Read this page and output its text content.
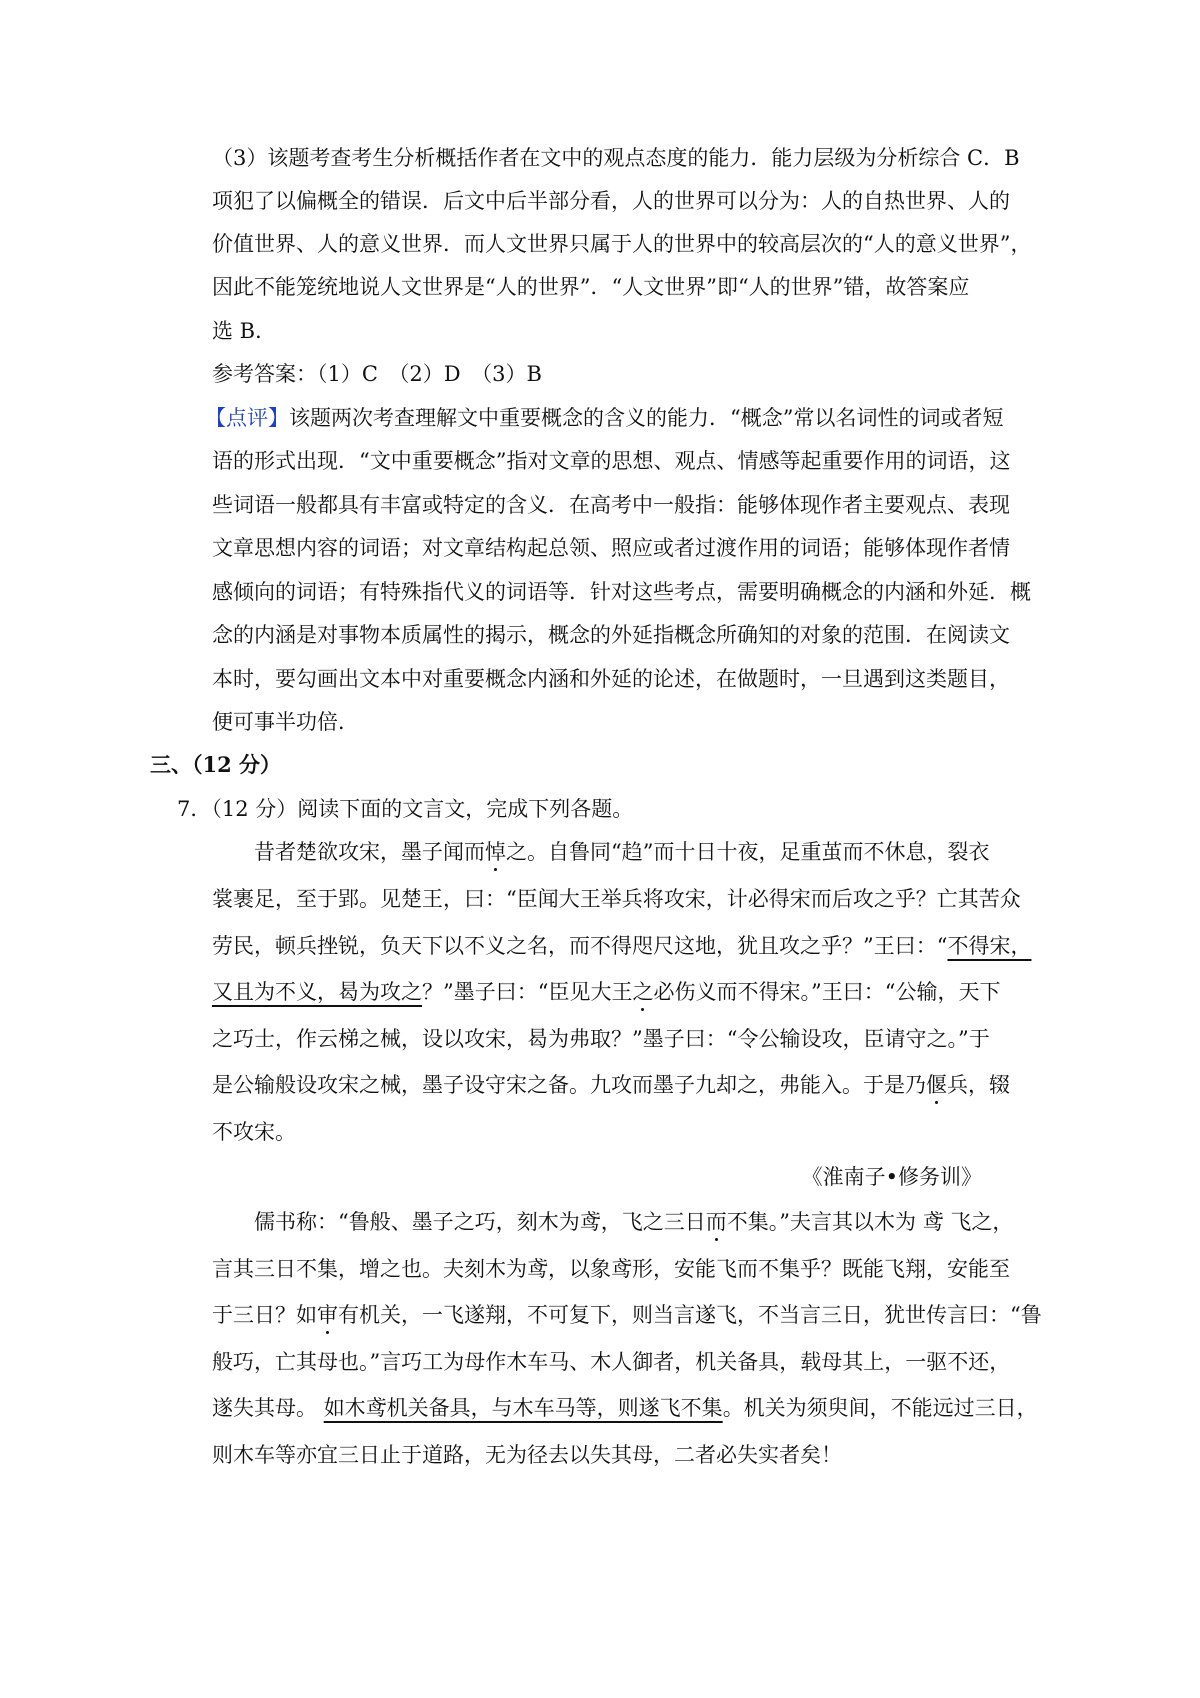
（3）该题考查考生分析概括作者在文中的观点态度的能力．能力层级为分析综合 C．B
项犯了以偏概全的错误．后文中后半部分看，人的世界可以分为：人的自热世界、人的
价值世界、人的意义世界．而人文世界只属于人的世界中的较高层次的“人的意义世界”，
因此不能笼统地说人文世界是“人的世界”．“人文世界”即“人的世界”错，故答案应
选 B．
参考答案：（1）C　（2）D　（3）B
【点评】该题两次考查理解文中重要概念的含义的能力．“概念”常以名词性的词或者短
语的形式出现．“文中重要概念”指对文章的思想、观点、情感等起重要作用的词语，这
些词语一般都具有丰富或特定的含义．在高考中一般指：能够体现作者主要观点、表现
文章思想内容的词语；对文章结构起总领、照应或者过渡作用的词语；能够体现作者情
感倾向的词语；有特殊指代义的词语等．针对这些考点，需要明确概念的内涵和外延．概
念的内涵是对事物本质属性的揭示，概念的外延指概念所确知的对象的范围．在阅读文
本时，要勾画出文本中对重要概念内涵和外延的论述，在做题时，一旦遇到这类题目，
便可事半功倍．
三、（12 分）
7．（12 分）阅读下面的文言文，完成下列各题。
昔者楚欲攻宋，墨子闻而悼之。自鲁同“趋”而十日十夜，足重茧而不休息，裂衣
裳裹足，至于郢。见楚王，曰：“臣闻大王举兵将攻宋，计必得宋而后攻之乎？亡其苦众
劳民，顿兵挫锐，负天下以不义之名，而不得咫尺这地，犹且攻之乎？”王曰：“不得宋，
又且为不义，曷为攻之？”墨子曰：“臣见大王之必伤义而不得宋。”王曰：“公输，天下
之巧士，作云梯之械，设以攻宋，曷为弗取？”墨子曰：“令公输设攻，臣请守之。”于
是公输般设攻宋之械，墨子设守宋之备。九攻而墨子九却之，弗能入。于是乃偃兵，辍
不攻宋。
《淮南子•修务训》
儒书称：“鲁般、墨子之巧，刻木为鸢，飞之三日而不集。”夫言其以木为 鸢 飞之，
言其三日不集，增之也。夫刻木为鸢，以象鸢形，安能飞而不集乎？既能飞翔，安能至
于三日？如审有机关，一飞遂翔，不可复下，则当言遂飞，不当言三日，犹世传言曰：“鲁
般巧，亡其母也。”言巧工为母作木车马、木人御者，机关备具，载母其上，一驱不还，
遂失其母。 如木鸢机关备具，与木车马等，则遂飞不集。机关为须臾间，不能远过三日，
则木车等亦宜三日止于道路，无为径去以失其母，二者必失实者矣！
